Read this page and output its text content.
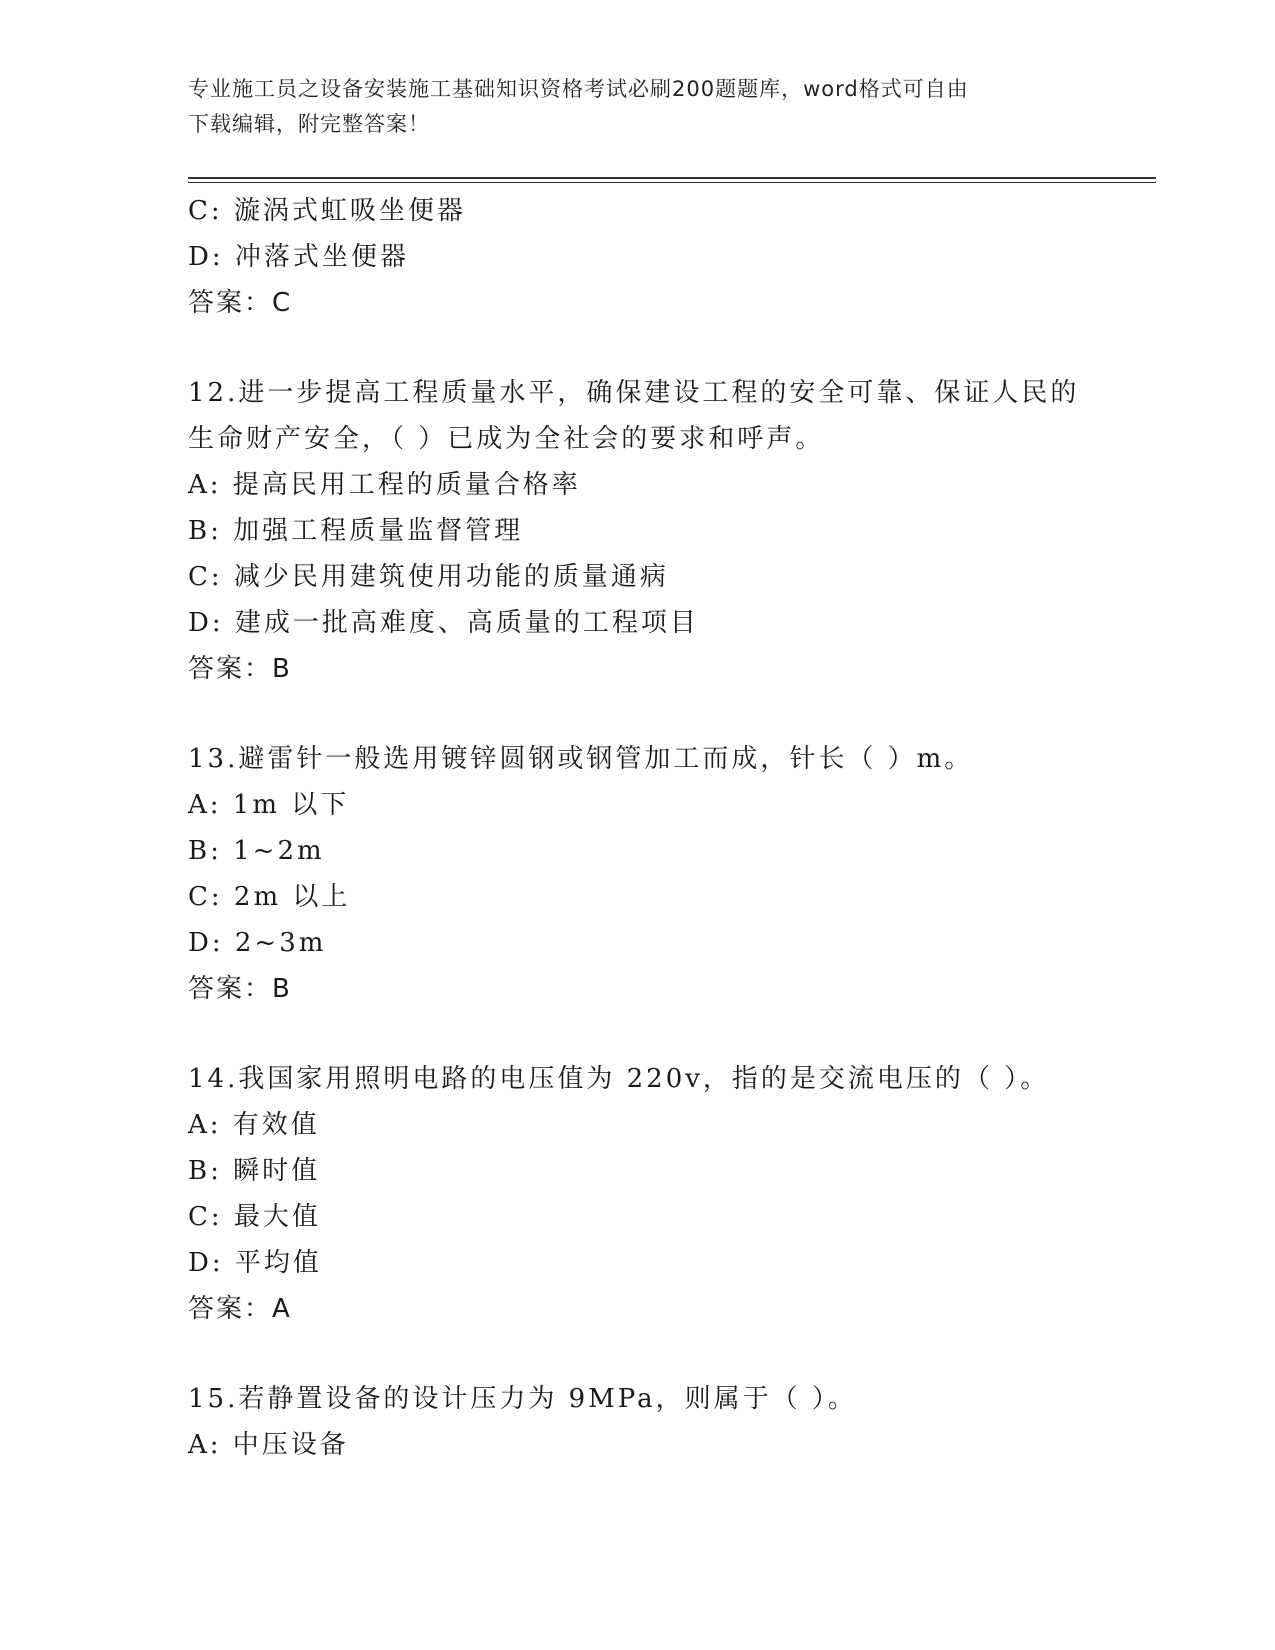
专业施工员之设备安装施工基础知识资格考试必刷200题题库，word格式可自由
下载编辑，附完整答案！
C: 漩涡式虹吸坐便器
D: 冲落式坐便器
答案：C
12.进一步提高工程质量水平，确保建设工程的安全可靠、保证人民的
生命财产安全，（ ）已成为全社会的要求和呼声。
A: 提高民用工程的质量合格率
B: 加强工程质量监督管理
C: 减少民用建筑使用功能的质量通病
D: 建成一批高难度、高质量的工程项目
答案：B
13.避雷针一般选用镀锌圆钢或钢管加工而成，针长（ ）m。
A: 1m 以下
B: 1~2m
C: 2m 以上
D: 2~3m
答案：B
14.我国家用照明电路的电压值为 220v，指的是交流电压的（ ）。
A: 有效值
B: 瞬时值
C: 最大值
D: 平均值
答案：A
15.若静置设备的设计压力为 9MPa，则属于（ ）。
A: 中压设备
